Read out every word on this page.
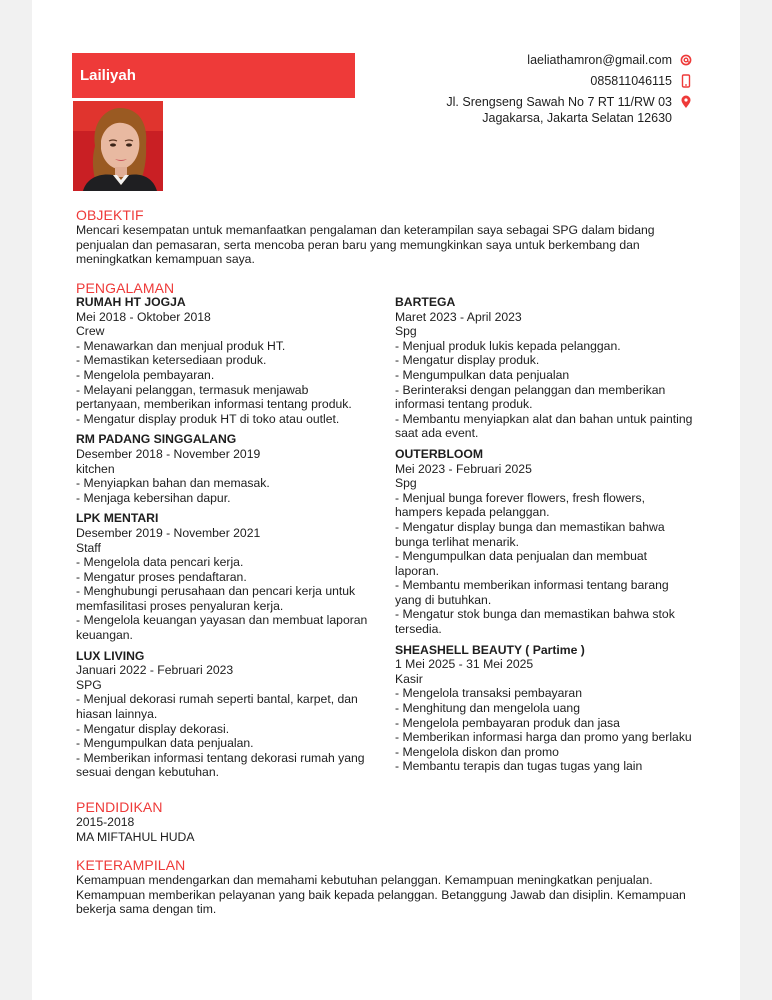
Lailiyah
laeliathamron@gmail.com
085811046115
Jl. Srengseng Sawah No 7 RT 11/RW 03
Jagakarsa, Jakarta Selatan 12630
OBJEKTIF
Mencari kesempatan untuk memanfaatkan pengalaman dan keterampilan saya sebagai SPG dalam bidang penjualan dan pemasaran, serta mencoba peran baru yang memungkinkan saya untuk berkembang dan meningkatkan kemampuan saya.
PENGALAMAN
RUMAH HT JOGJA
Mei 2018 - Oktober 2018
Crew
- Menawarkan dan menjual produk HT.
- Memastikan ketersediaan produk.
- Mengelola pembayaran.
- Melayani pelanggan, termasuk menjawab pertanyaan, memberikan informasi tentang produk.
- Mengatur display produk HT di toko atau outlet.
RM PADANG SINGGALANG
Desember 2018 - November 2019
kitchen
- Menyiapkan bahan dan memasak.
- Menjaga kebersihan dapur.
LPK MENTARI
Desember 2019 - November 2021
Staff
- Mengelola data pencari kerja.
- Mengatur proses pendaftaran.
- Menghubungi perusahaan dan pencari kerja untuk memfasilitasi proses penyaluran kerja.
- Mengelola keuangan yayasan dan membuat laporan keuangan.
LUX LIVING
Januari 2022 - Februari 2023
SPG
- Menjual dekorasi rumah seperti bantal, karpet, dan hiasan lainnya.
- Mengatur display dekorasi.
- Mengumpulkan data penjualan.
- Memberikan informasi tentang dekorasi rumah yang sesuai dengan kebutuhan.
BARTEGA
Maret 2023 - April 2023
Spg
- Menjual produk lukis kepada pelanggan.
- Mengatur display produk.
- Mengumpulkan data penjualan
- Berinteraksi dengan pelanggan dan memberikan informasi tentang produk.
- Membantu menyiapkan alat dan bahan untuk painting saat ada event.
OUTERBLOOM
Mei 2023 - Februari 2025
Spg
- Menjual bunga forever flowers, fresh flowers, hampers kepada pelanggan.
- Mengatur display bunga dan memastikan bahwa bunga terlihat menarik.
- Mengumpulkan data penjualan dan membuat laporan.
- Membantu memberikan informasi tentang barang yang di butuhkan.
- Mengatur stok bunga dan memastikan bahwa stok tersedia.
SHEASHELL BEAUTY ( Partime )
1 Mei 2025 - 31 Mei 2025
Kasir
- Mengelola transaksi pembayaran
- Menghitung dan mengelola uang
- Mengelola pembayaran produk dan jasa
- Memberikan informasi harga dan promo yang berlaku
- Mengelola diskon dan promo
- Membantu terapis dan tugas tugas yang lain
PENDIDIKAN
2015-2018
MA MIFTAHUL HUDA
KETERAMPILAN
Kemampuan mendengarkan dan memahami kebutuhan pelanggan. Kemampuan meningkatkan penjualan. Kemampuan memberikan pelayanan yang baik kepada pelanggan. Betanggung Jawab dan disiplin. Kemampuan bekerja sama dengan tim.
